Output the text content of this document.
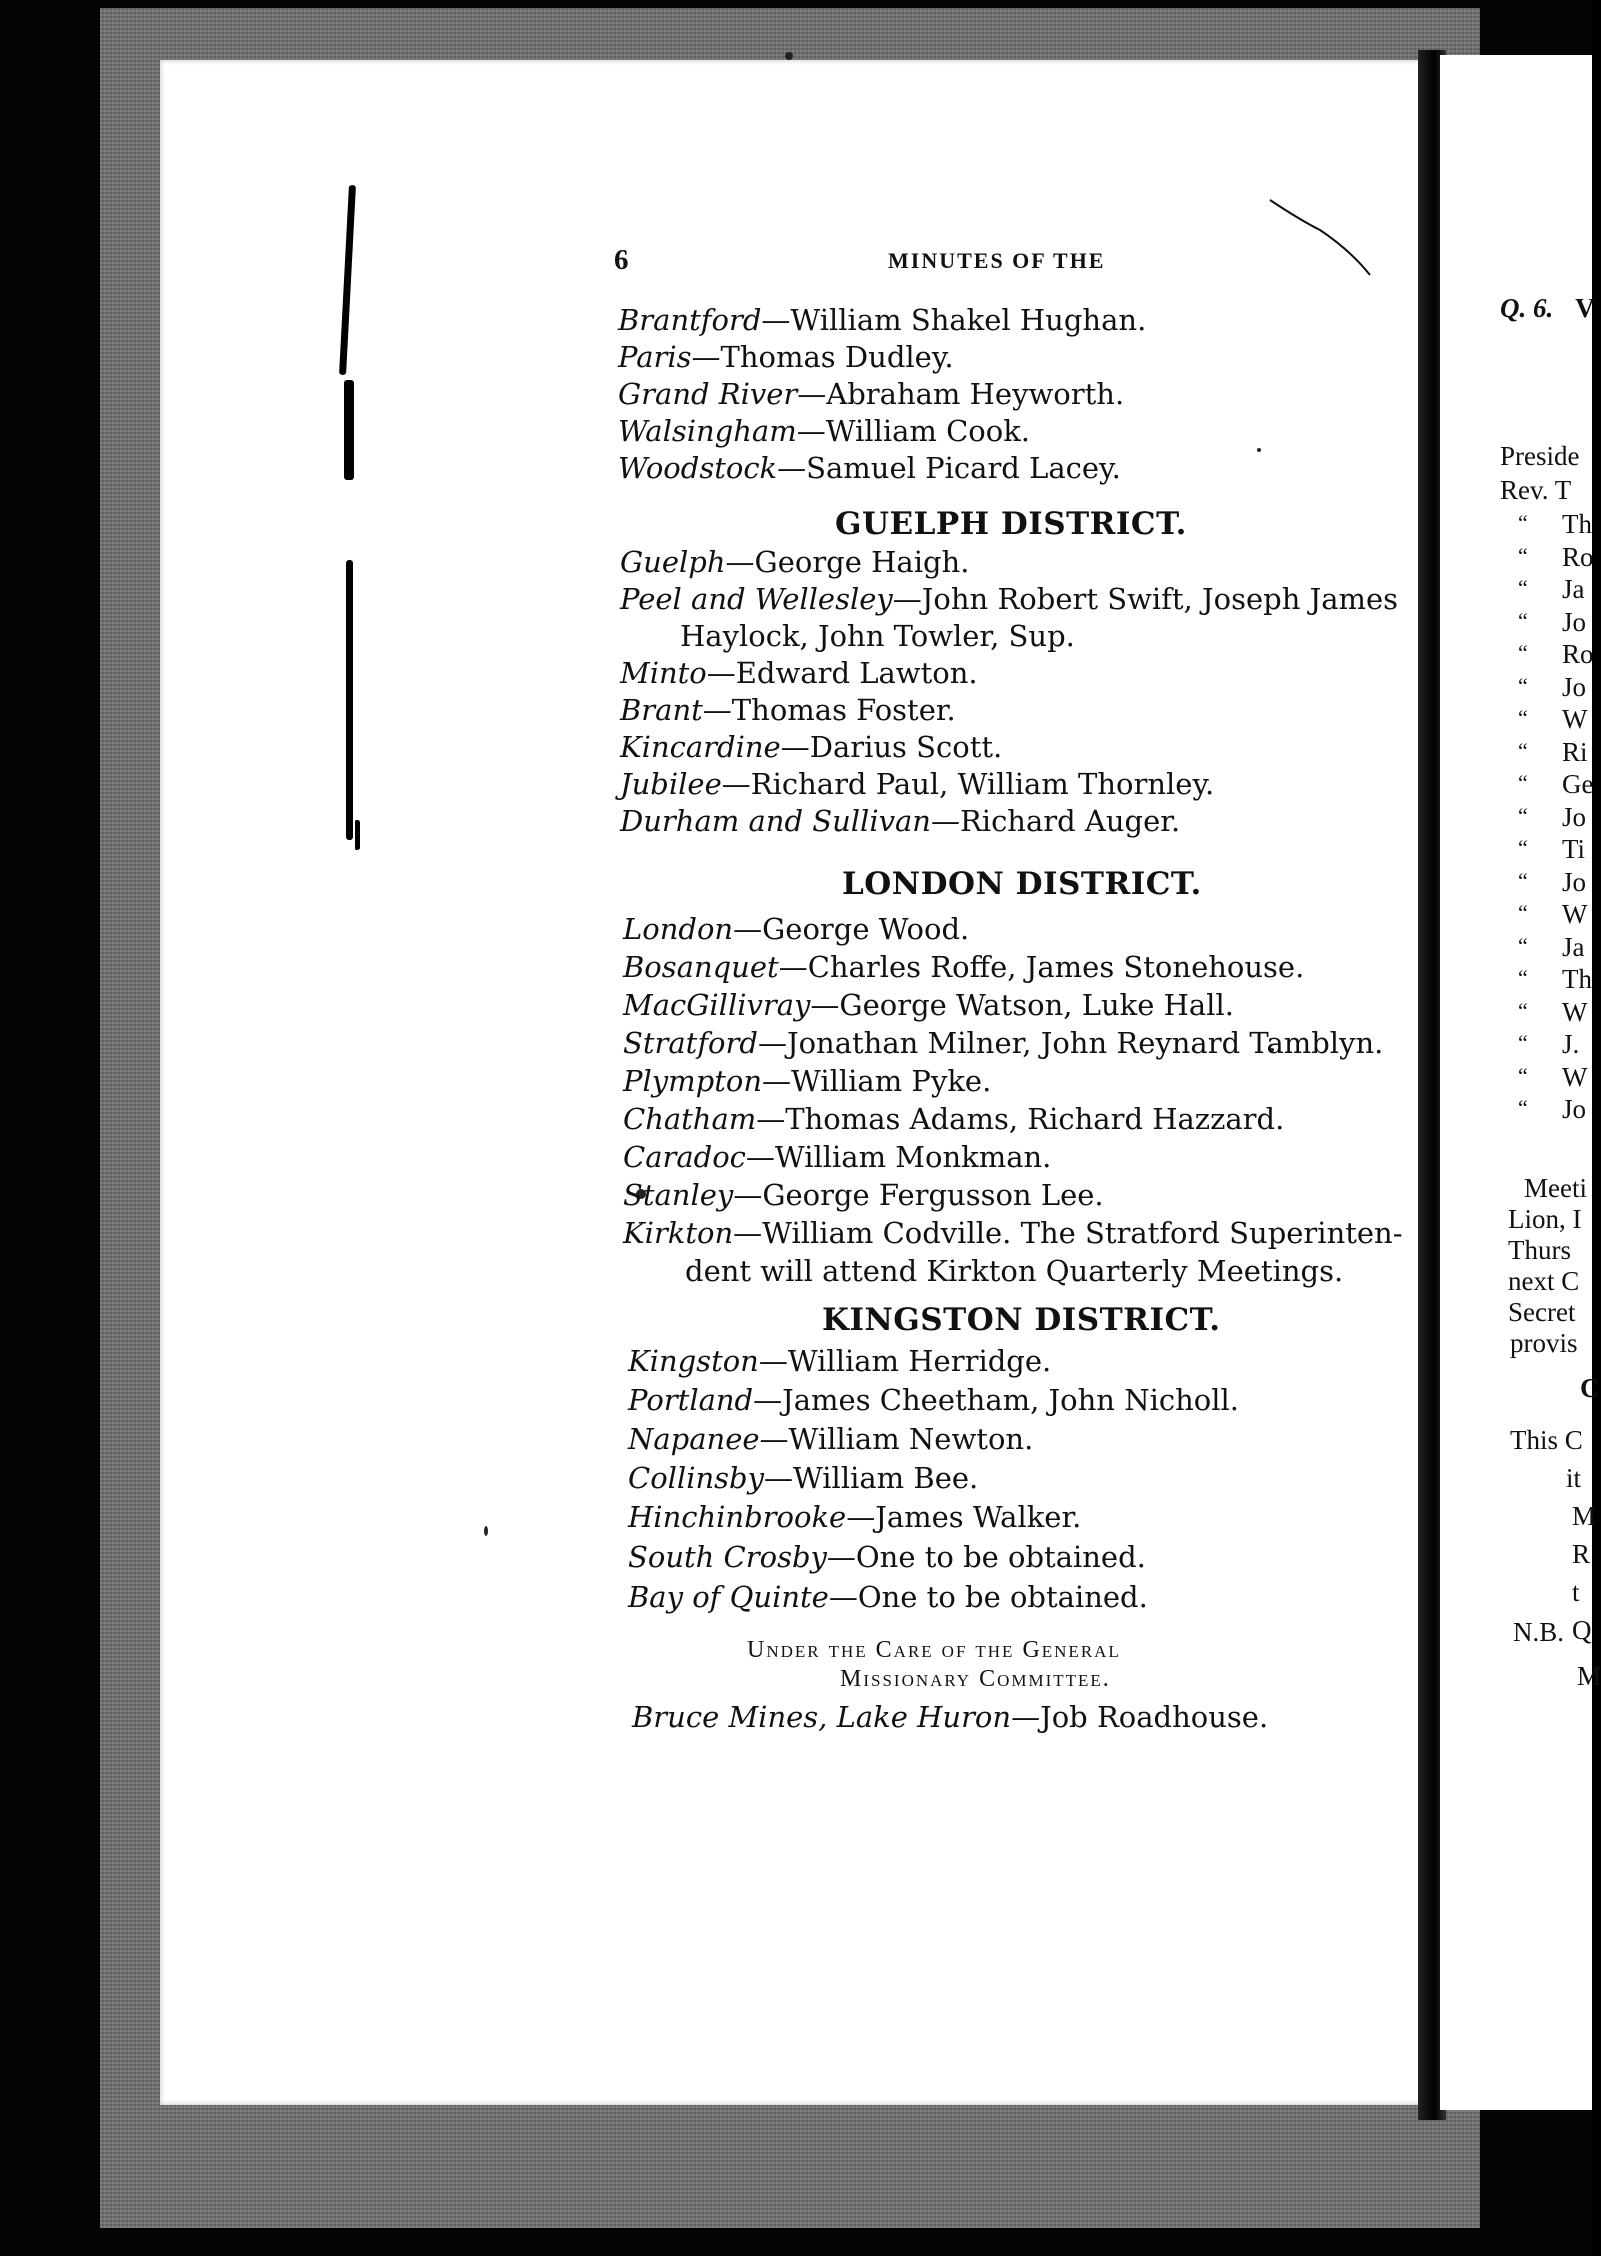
6	MINUTES OF THE
Brantford—William Shakel Hughan.
Paris—Thomas Dudley.
Grand River—Abraham Heyworth.
Walsingham—William Cook.
Woodstock—Samuel Picard Lacey.
GUELPH DISTRICT.
Guelph—George Haigh.
Peel and Wellesley—John Robert Swift, Joseph James
Haylock, John Towler, Sup.
Minto—Edward Lawton.
Brant—Thomas Foster.
Kincardine—Darius Scott.
Jubilee—Richard Paul, William Thornley.
Durham and Sullivan—Richard Auger.
LONDON DISTRICT.
London—George Wood.
Bosanquet—Charles Roffe, James Stonehouse.
MacGillivray—George Watson, Luke Hall.
Stratford—Jonathan Milner, John Reynard Tamblyn.
Plympton—William Pyke.
Chatham—Thomas Adams, Richard Hazzard.
Caradoc—William Monkman.
Stanley—George Fergusson Lee.
Kirkton—William Codville. The Stratford Superinten-
dent will attend Kirkton Quarterly Meetings.
KINGSTON DISTRICT.
Kingston—William Herridge.
Portland—James Cheetham, John Nicholl.
Napanee—William Newton.
Collinsby—William Bee.
Hinchinbrooke—James Walker.
South Crosby—One to be obtained.
Bay of Quinte—One to be obtained.
Under the Care of the General
Missionary Committee.
Bruce Mines, Lake Huron—Job Roadhouse.
Q. 6. V
Preside
Rev. T
“ Th
“ Ro
“ Ja
“ Jo
“ Ro
“ Jo
“ W
“ Ri
“ Ge
“ Jo
“ Ti
“ Jo
“ W
“ Ja
“ Th
“ W
“ J.
“ W
“ Jo
Meeti
Lion, I
Thurs
next C
Secret
provis
C
This C
it
M
R
t
Q
N.B.
M
